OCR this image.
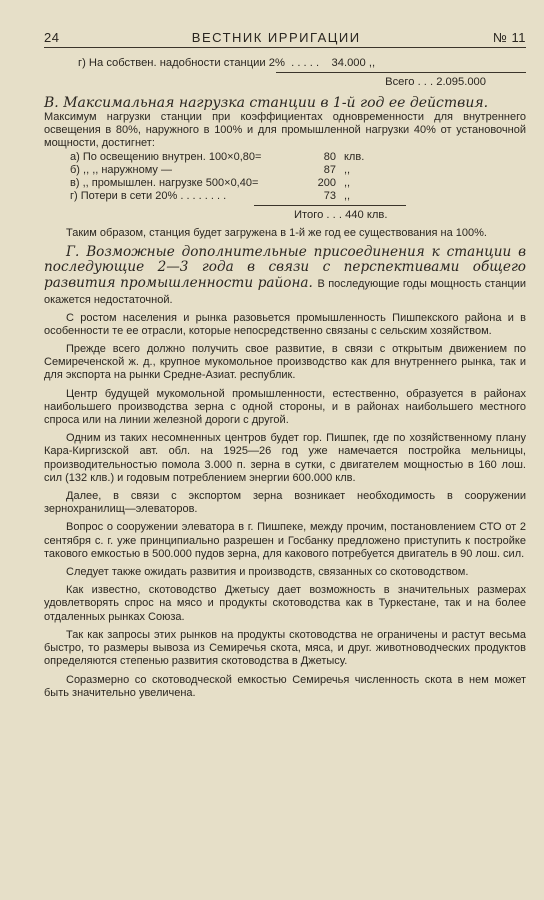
24	ВЕСТНИК ИРРИГАЦИИ	№ 11
г) На собствен. надобности станции 2%  . . . . .    34.000 ,,
Всего . . . 2.095.000
В. Максимальная нагрузка станции в 1-й год ее действия.

Максимум нагрузки станции при коэффициентах одновременности для внутреннего освещения в 80%, наружного в 100% и для промышленной нагрузки 40% от установочной мощности, достигнет:

а) По освещению внутрен. 100×0,80=	80 клв.
б) ,, ,, наружному —	87 ,,
в) ,, промышлен. нагрузке 500×0,40=	200 ,,
г) Потери в сети 20% . . . . . . . .	73 ,,
Итого . . . 440 клв.

Таким образом, станция будет загружена в 1-й же год ее существования на 100%.

Г. Возможные дополнительные присоединения к станции в последующие 2—3 года в связи с перспективами общего развития промышленности района. В последующие годы мощность станции окажется недостаточной.

С ростом населения и рынка разовьется промышленность Пишпекского района и в особенности те ее отрасли, которые непосредственно связаны с сельским хозяйством.

Прежде всего должно получить свое развитие, в связи с открытым движением по Семиреченской ж. д., крупное мукомольное производство как для внутреннего рынка, так и для экспорта на рынки Средне-Азиат. республик.

Центр будущей мукомольной промышленности, естественно, образуется в районах наибольшего производства зерна с одной стороны, и в районах наибольшего местного спроса или на линии железной дороги с другой.

Одним из таких несомненных центров будет гор. Пишпек, где по хозяйственному плану Кара-Киргизской авт. обл. на 1925—26 год уже намечается постройка мельницы, производительностью помола 3.000 п. зерна в сутки, с двигателем мощностью в 160 лош. сил (132 клв.) и годовым потреблением энергии 600.000 клв.

Далее, в связи с экспортом зерна возникает необходимость в сооружении зернохранилищ—элеваторов.

Вопрос о сооружении элеватора в г. Пишпеке, между прочим, постановлением СТО от 2 сентября с. г. уже принципиально разрешен и Госбанку предложено приступить к постройке такового емкостью в 500.000 пудов зерна, для какового потребуется двигатель в 90 лош. сил.

Следует также ожидать развития и производств, связанных со скотоводством.

Как известно, скотоводство Джетысу дает возможность в значительных размерах удовлетворять спрос на мясо и продукты скотоводства как в Туркестане, так и на более отдаленных рынках Союза.

Так как запросы этих рынков на продукты скотоводства не ограничены и растут весьма быстро, то размеры вывоза из Семиречья скота, мяса, и друг. животноводческих продуктов определяются степенью развития скотоводства в Джетысу.

Соразмерно со скотоводческой емкостью Семиречья численность скота в нем может быть значительно увеличена.
